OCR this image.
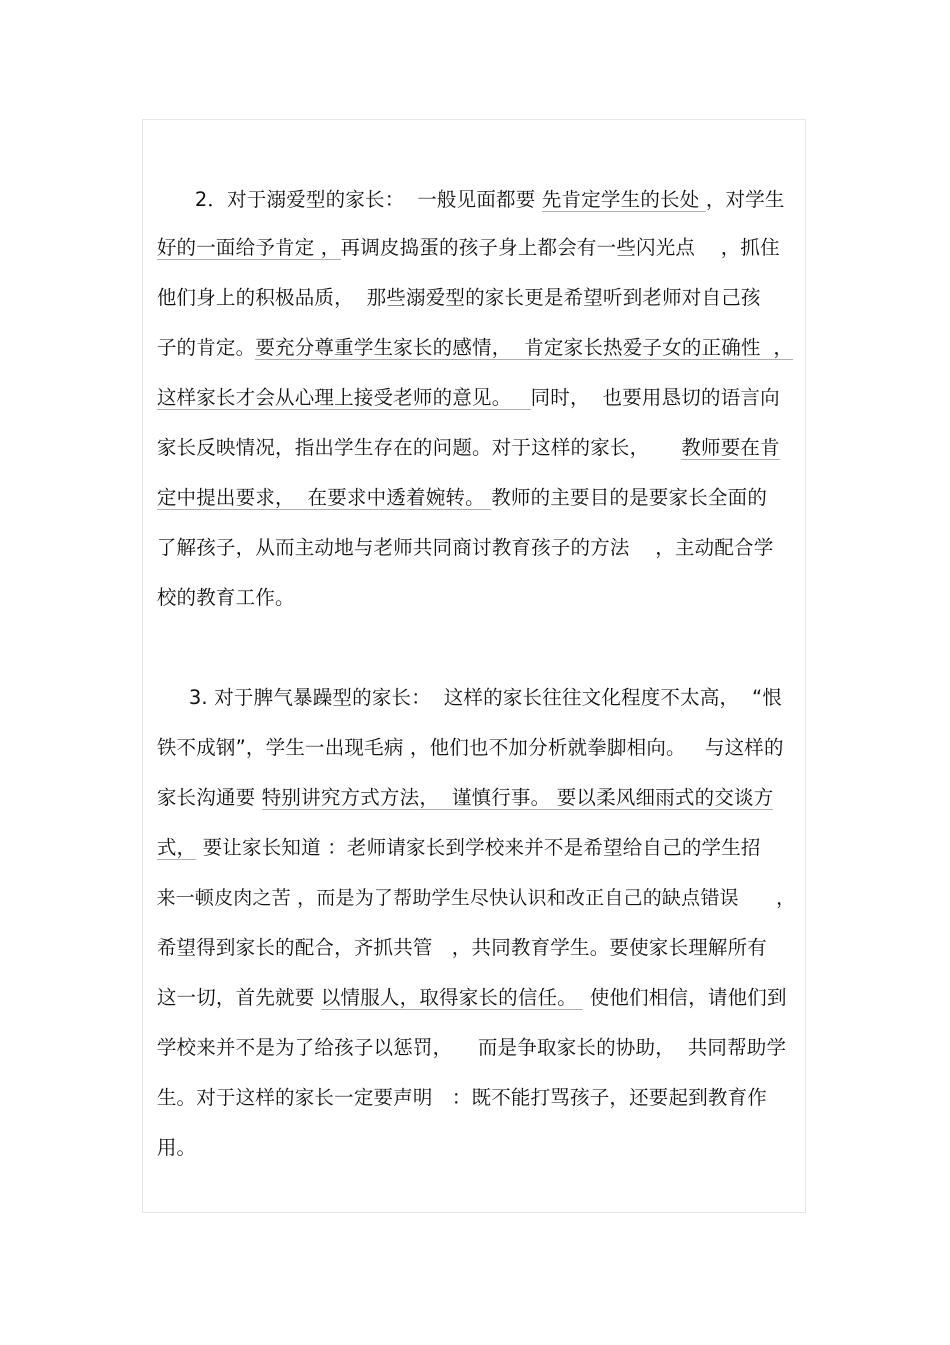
2．对于溺爱型的家长：  一般见面都要 先肯定学生的长处 ，对学生

好的一面给予肯定 ，再调皮捣蛋的孩子身上都会有一些闪光点    ，抓住

他们身上的积极品质，  那些溺爱型的家长更是希望听到老师对自己孩

子的肯定。要充分尊重学生家长的感情，  肯定家长热爱子女的正确性  ，

这样家长才会从心理上接受老师的意见。   同时，  也要用恳切的语言向

家长反映情况，指出学生存在的问题。对于这样的家长，     教师要在肯

定中提出要求，  在要求中透着婉转。 教师的主要目的是要家长全面的

了解孩子，从而主动地与老师共同商讨教育孩子的方法    ，主动配合学

校的教育工作。

3. 对于脾气暴躁型的家长：  这样的家长往往文化程度不太高，  “恨

铁不成钢”，学生一出现毛病 ，他们也不加分析就拳脚相向。   与这样的

家长沟通要 特别讲究方式方法，  谨慎行事。 要以柔风细雨式的交谈方

式， 要让家长知道 ：老师请家长到学校来并不是希望给自己的学生招

来一顿皮肉之苦 ，而是为了帮助学生尽快认识和改正自己的缺点错误      ，

希望得到家长的配合，齐抓共管   ，共同教育学生。要使家长理解所有

这一切，首先就要 以情服人，取得家长的信任。  使他们相信，请他们到

学校来并不是为了给孩子以惩罚，    而是争取家长的协助，  共同帮助学

生。对于这样的家长一定要声明   ：既不能打骂孩子，还要起到教育作

用。
